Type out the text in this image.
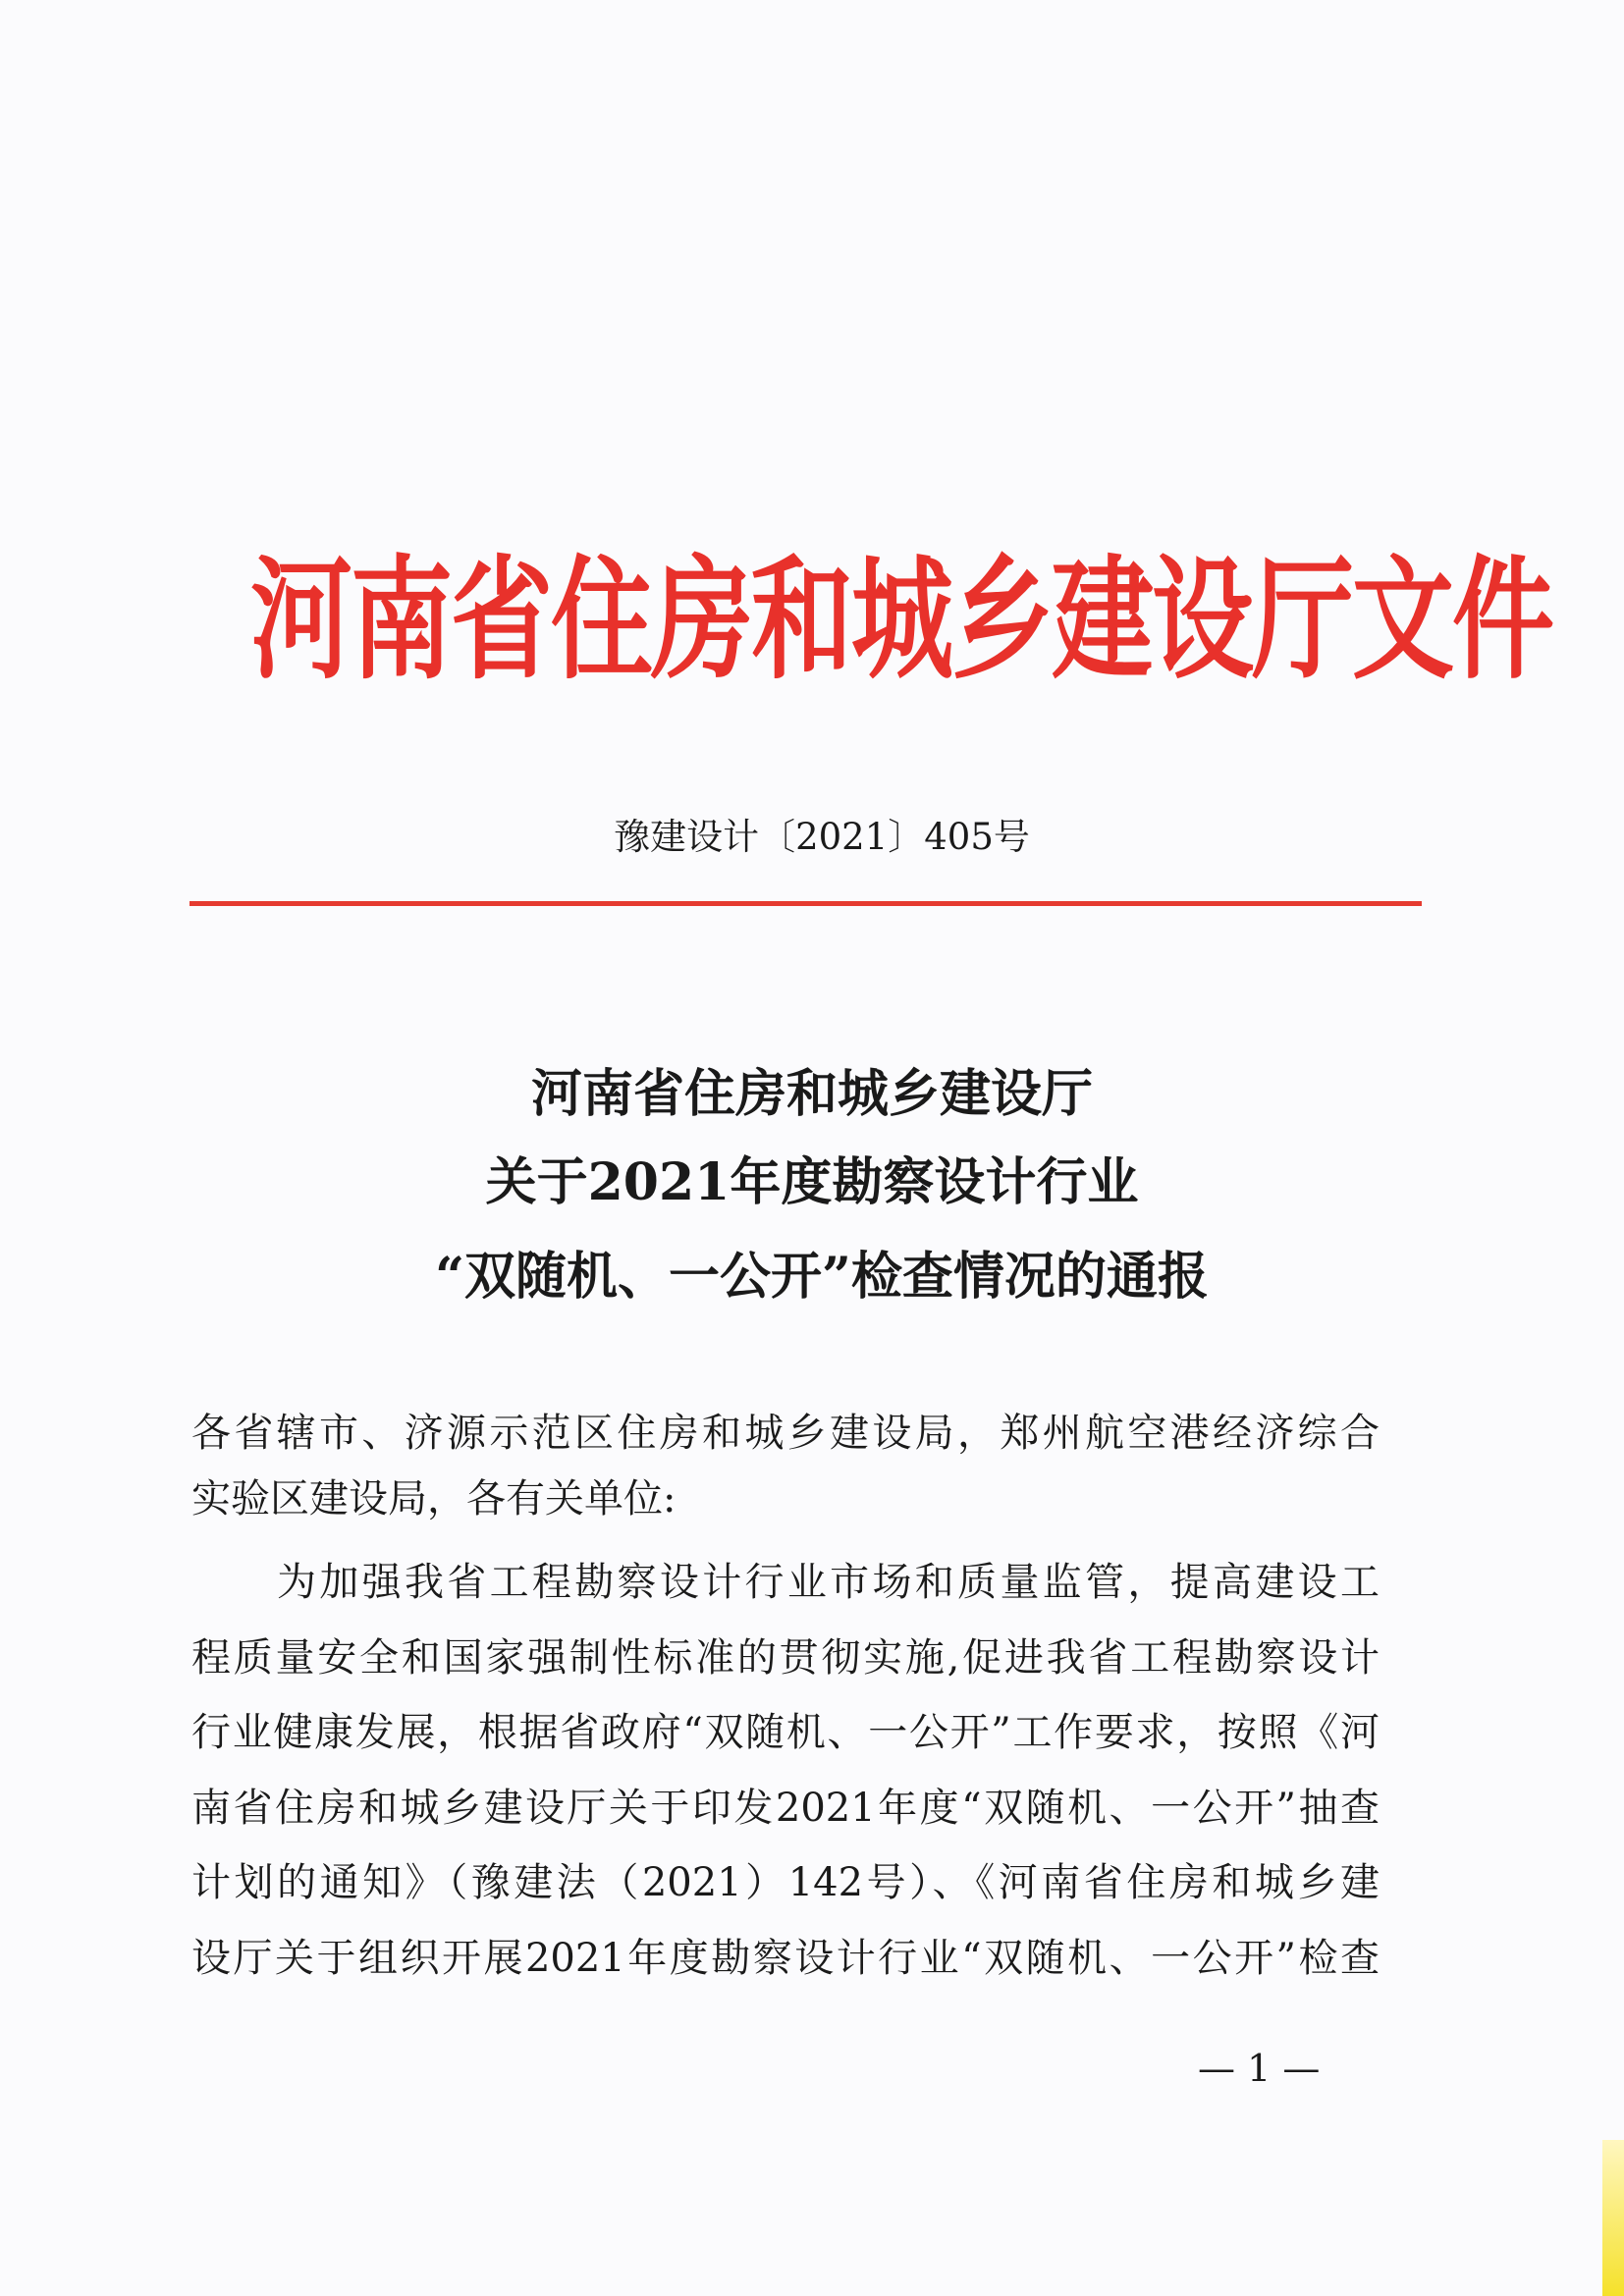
河南省住房和城乡建设厅文件
豫建设计〔2021〕405号
河南省住房和城乡建设厅
关于2021年度勘察设计行业
“双随机、一公开”检查情况的通报
各省辖市、济源示范区住房和城乡建设局，郑州航空港经济综合
实验区建设局，各有关单位:
为加强我省工程勘察设计行业市场和质量监管，提高建设工
程质量安全和国家强制性标准的贯彻实施,促进我省工程勘察设计
行业健康发展，根据省政府“双随机、一公开”工作要求，按照《河
南省住房和城乡建设厅关于印发2021年度“双随机、一公开”抽查
计划的通知》（豫建法（2021）142号）、《河南省住房和城乡建
设厅关于组织开展2021年度勘察设计行业“双随机、一公开”检查
— 1 —
